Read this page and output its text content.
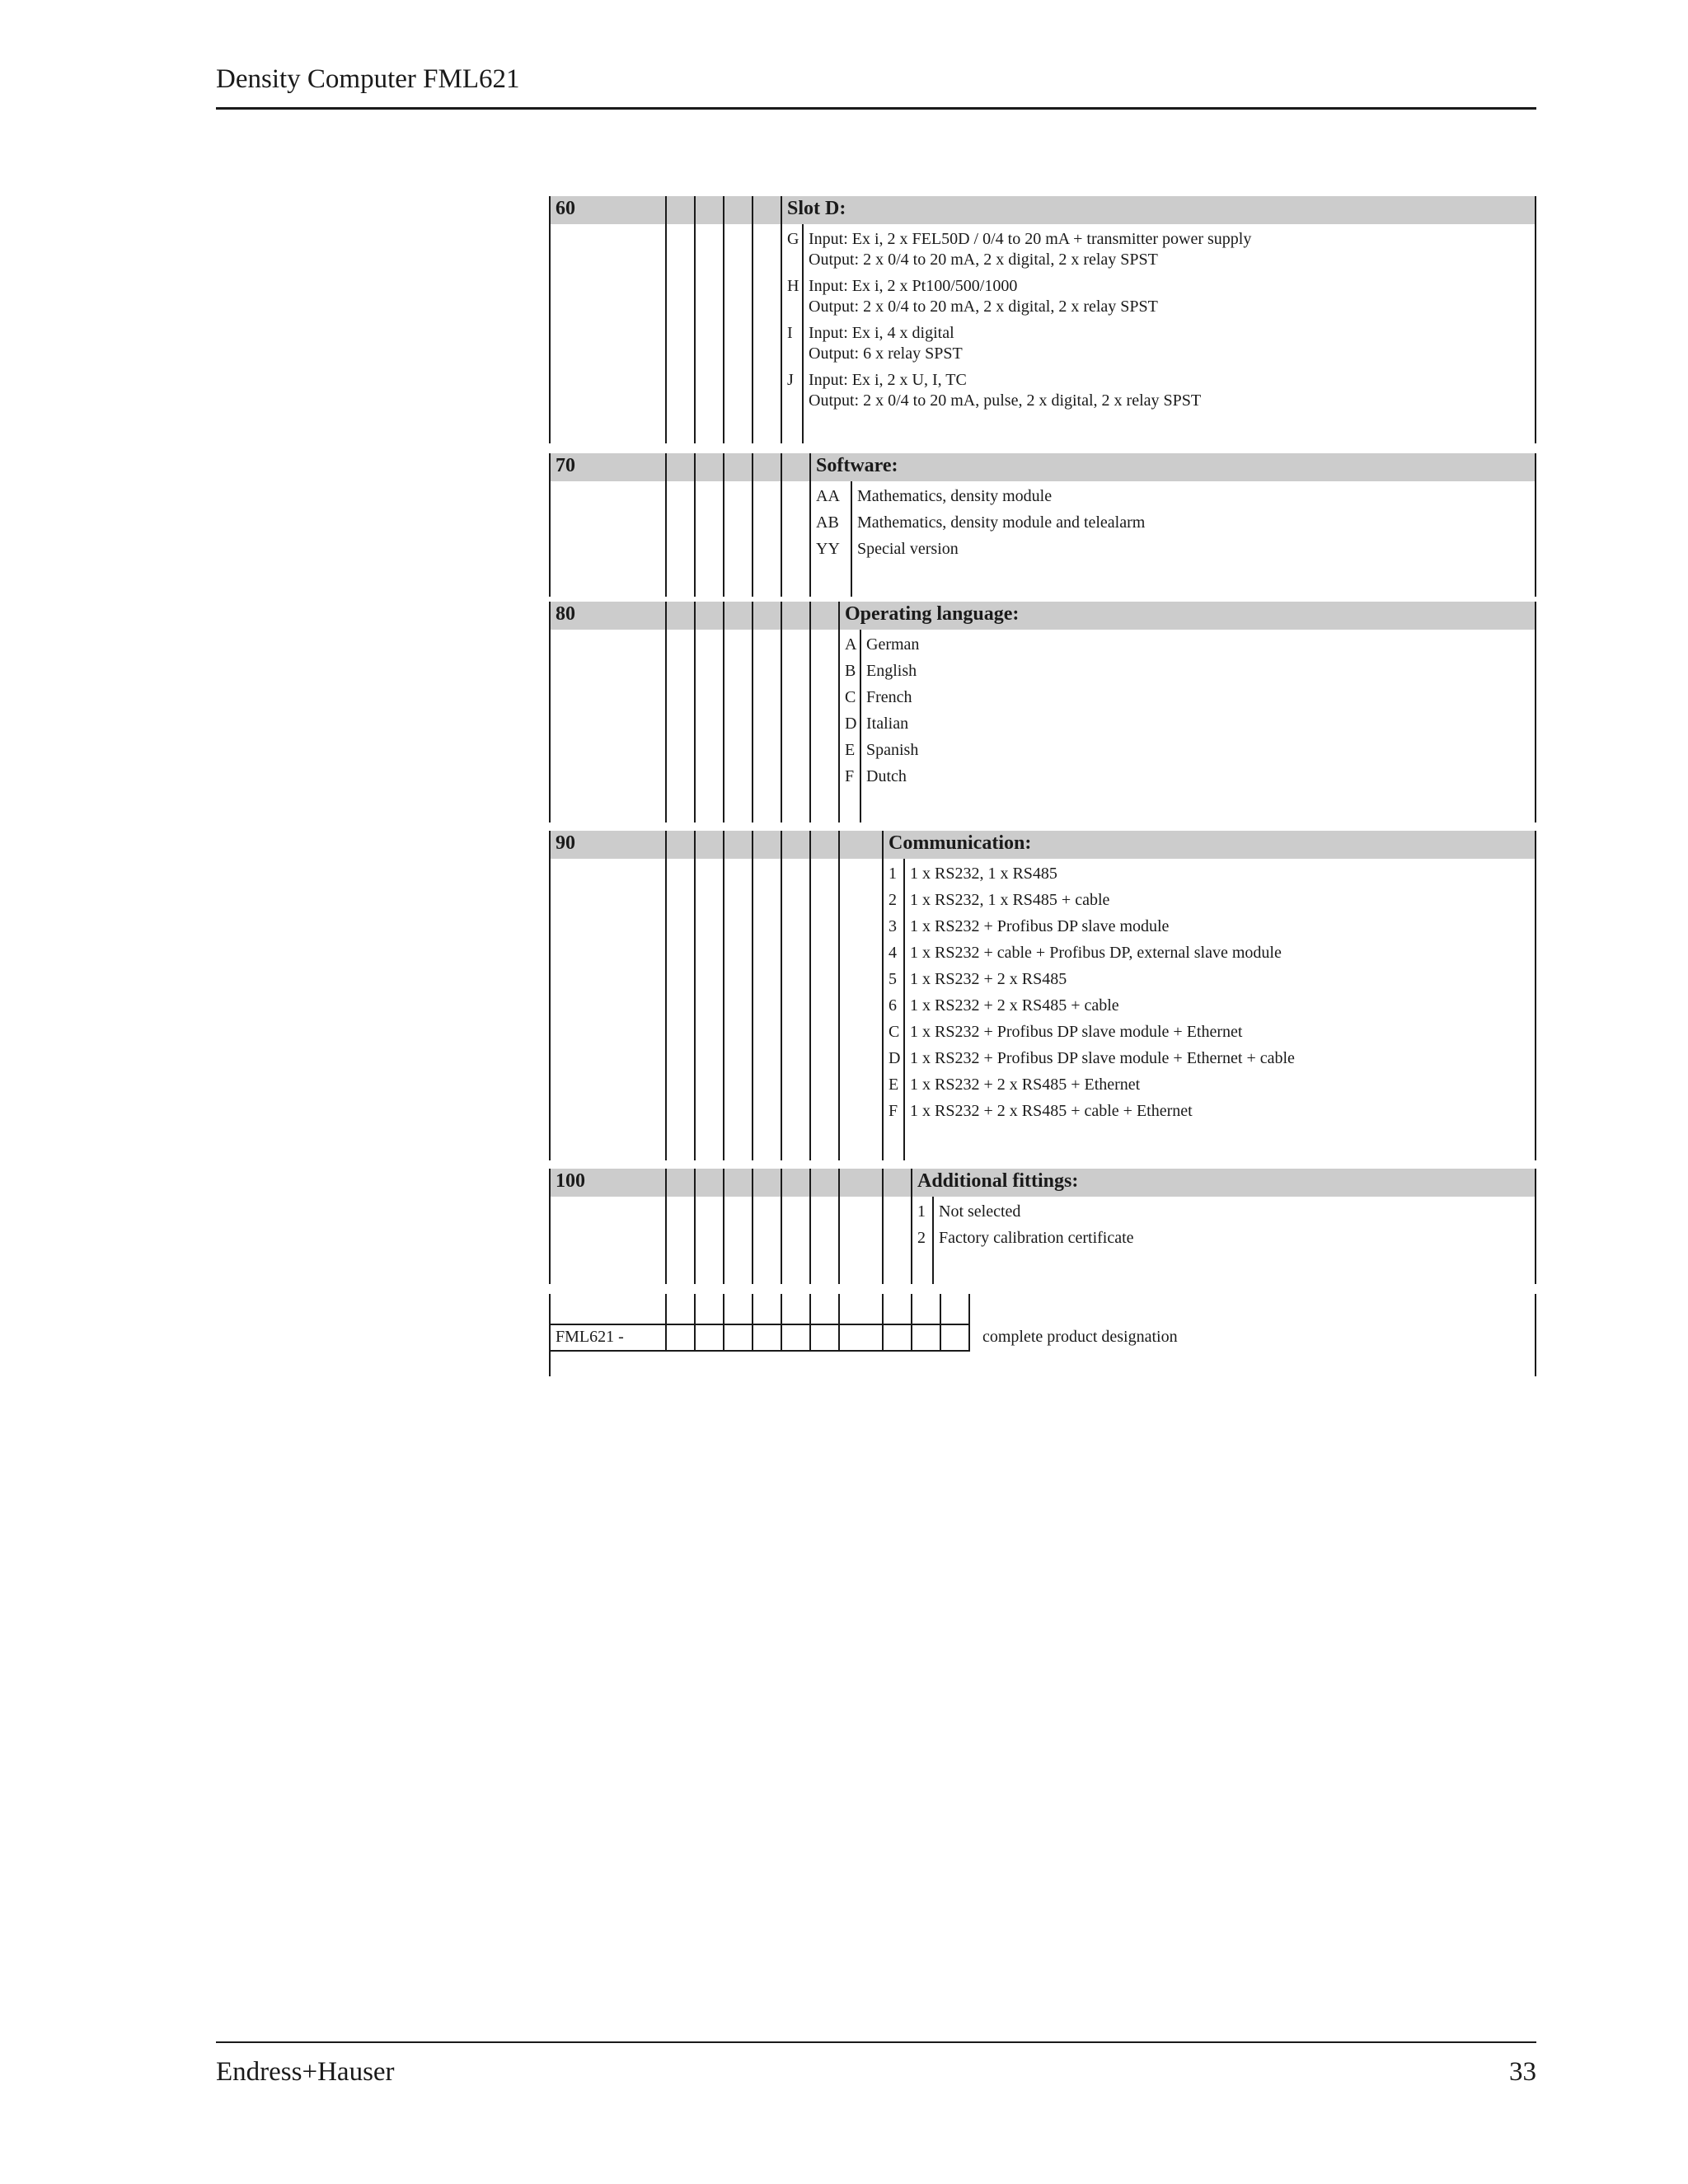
Density Computer FML621
60	Slot D:
G Input: Ex i, 2 x FEL50D / 0/4 to 20 mA + transmitter power supply
Output: 2 x 0/4 to 20 mA, 2 x digital, 2 x relay SPST
H Input: Ex i, 2 x Pt100/500/1000
Output: 2 x 0/4 to 20 mA, 2 x digital, 2 x relay SPST
I Input: Ex i, 4 x digital
Output: 6 x relay SPST
J Input: Ex i, 2 x U, I, TC
Output: 2 x 0/4 to 20 mA, pulse, 2 x digital, 2 x relay SPST
70	Software:
AA Mathematics, density module
AB Mathematics, density module and telealarm
YY Special version
80	Operating language:
A German
B English
C French
D Italian
E Spanish
F Dutch
90	Communication:
1 1 x RS232, 1 x RS485
2 1 x RS232, 1 x RS485 + cable
3 1 x RS232 + Profibus DP slave module
4 1 x RS232 + cable + Profibus DP, external slave module
5 1 x RS232 + 2 x RS485
6 1 x RS232 + 2 x RS485 + cable
C 1 x RS232 + Profibus DP slave module + Ethernet
D 1 x RS232 + Profibus DP slave module + Ethernet + cable
E 1 x RS232 + 2 x RS485 + Ethernet
F 1 x RS232 + 2 x RS485 + cable + Ethernet
100	Additional fittings:
1 Not selected
2 Factory calibration certificate
FML621 -	complete product designation
Endress+Hauser	33
